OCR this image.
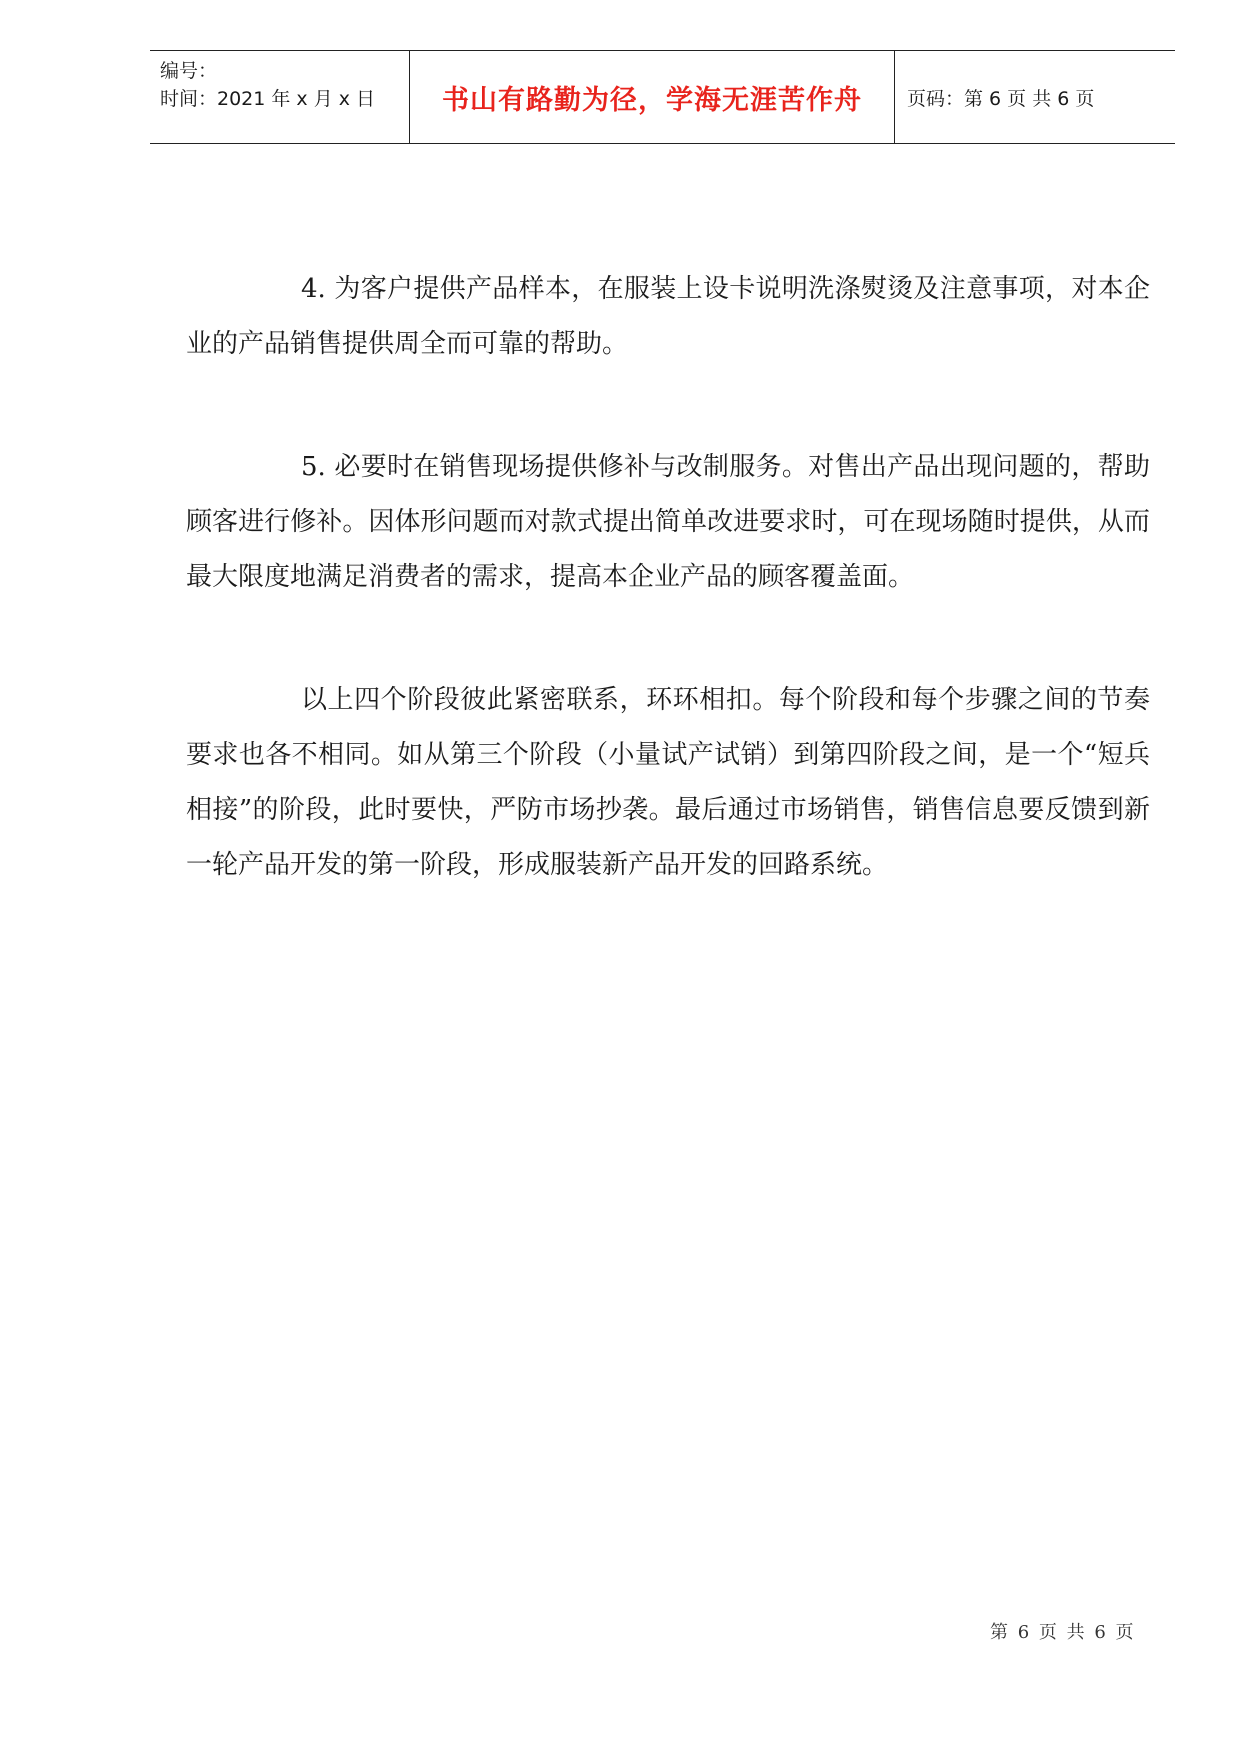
编号：
时间：2021 年 x 月 x 日	书山有路勤为径，学海无涯苦作舟 页码：第 6 页 共 6 页

4. 为客户提供产品样本，在服装上设卡说明洗涤熨烫及注意事项，对本企业的产品销售提供周全而可靠的帮助。

5. 必要时在销售现场提供修补与改制服务。对售出产品出现问题的，帮助顾客进行修补。因体形问题而对款式提出简单改进要求时，可在现场随时提供，从而最大限度地满足消费者的需求，提高本企业产品的顾客覆盖面。

以上四个阶段彼此紧密联系，环环相扣。每个阶段和每个步骤之间的节奏要求也各不相同。如从第三个阶段（小量试产试销）到第四阶段之间，是一个“短兵相接”的阶段，此时要快，严防市场抄袭。最后通过市场销售，销售信息要反馈到新一轮产品开发的第一阶段，形成服装新产品开发的回路系统。

第 6 页 共 6 页
